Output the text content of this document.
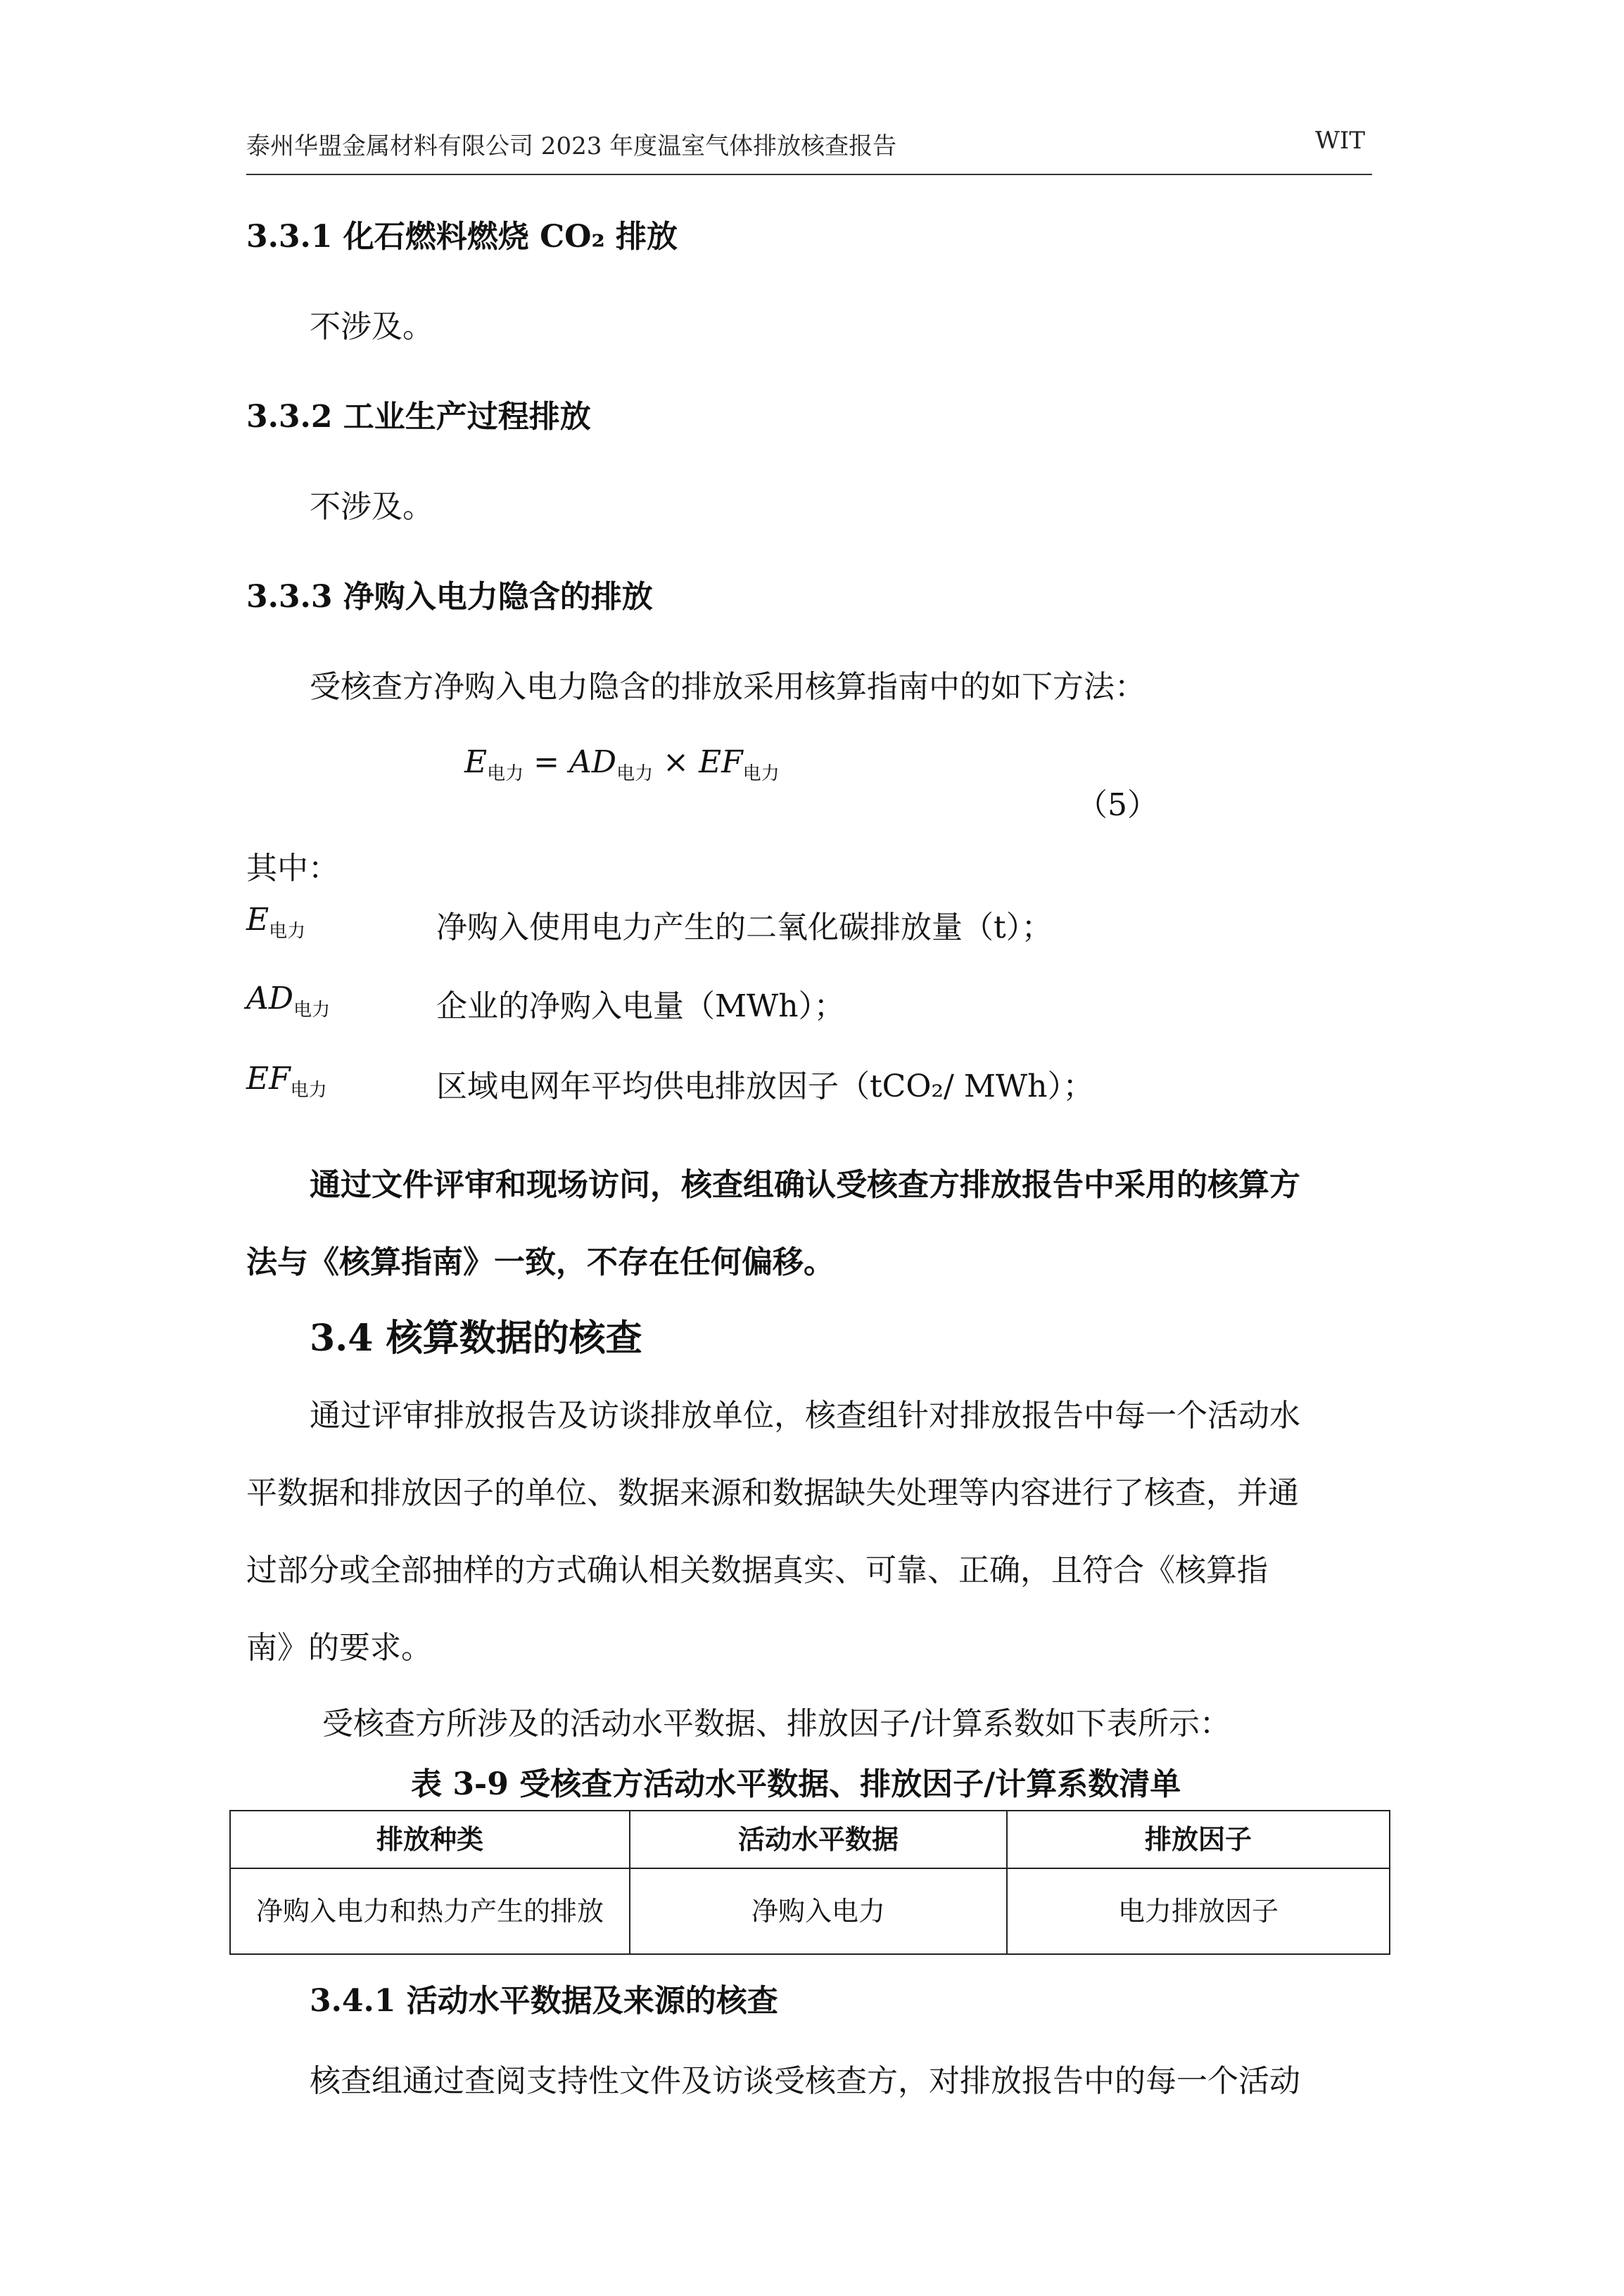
泰州华盟金属材料有限公司 2023 年度温室气体排放核查报告	WIT
3.3.1 化石燃料燃烧 CO₂ 排放
不涉及。
3.3.2 工业生产过程排放
不涉及。
3.3.3 净购入电力隐含的排放
受核查方净购入电力隐含的排放采用核算指南中的如下方法：
$E_{电力} = AD_{电力} \times EF_{电力}$
（5）
其中：
$E_{电力}$	净购入使用电力产生的二氧化碳排放量（t）；
$AD_{电力}$	企业的净购入电量（MWh）；
$EF_{电力}$	区域电网年平均供电排放因子（tCO₂/ MWh）；
通过文件评审和现场访问，核查组确认受核查方排放报告中采用的核算方
法与《核算指南》一致，不存在任何偏移。
3.4 核算数据的核查
通过评审排放报告及访谈排放单位，核查组针对排放报告中每一个活动水
平数据和排放因子的单位、数据来源和数据缺失处理等内容进行了核查，并通
过部分或全部抽样的方式确认相关数据真实、可靠、正确，且符合《核算指
南》的要求。
受核查方所涉及的活动水平数据、排放因子/计算系数如下表所示：
表 3-9 受核查方活动水平数据、排放因子/计算系数清单
排放种类	活动水平数据	排放因子
净购入电力和热力产生的排放	净购入电力	电力排放因子
3.4.1 活动水平数据及来源的核查
核查组通过查阅支持性文件及访谈受核查方，对排放报告中的每一个活动
